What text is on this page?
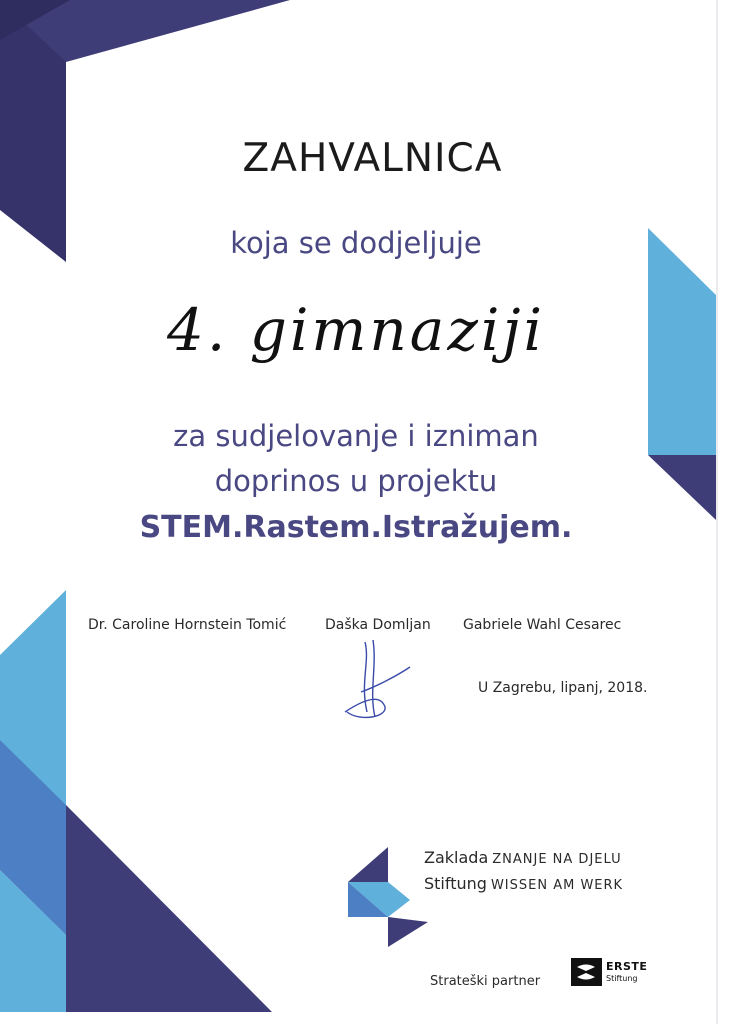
ZAHVALNICA
koja se dodjeljuje
4. gimnaziji
za sudjelovanje i izniman
doprinos u projektu
STEM.Rastem.Istražujem.
Dr. Caroline Hornstein Tomić	Daška Domljan Gabriele Wahl Cesarec
U Zagrebu, lipanj, 2018.
Zaklada ZNANJE NA DJELU
Stiftung WISSEN AM WERK
Strateški partner
ERSTE
Stiftung
